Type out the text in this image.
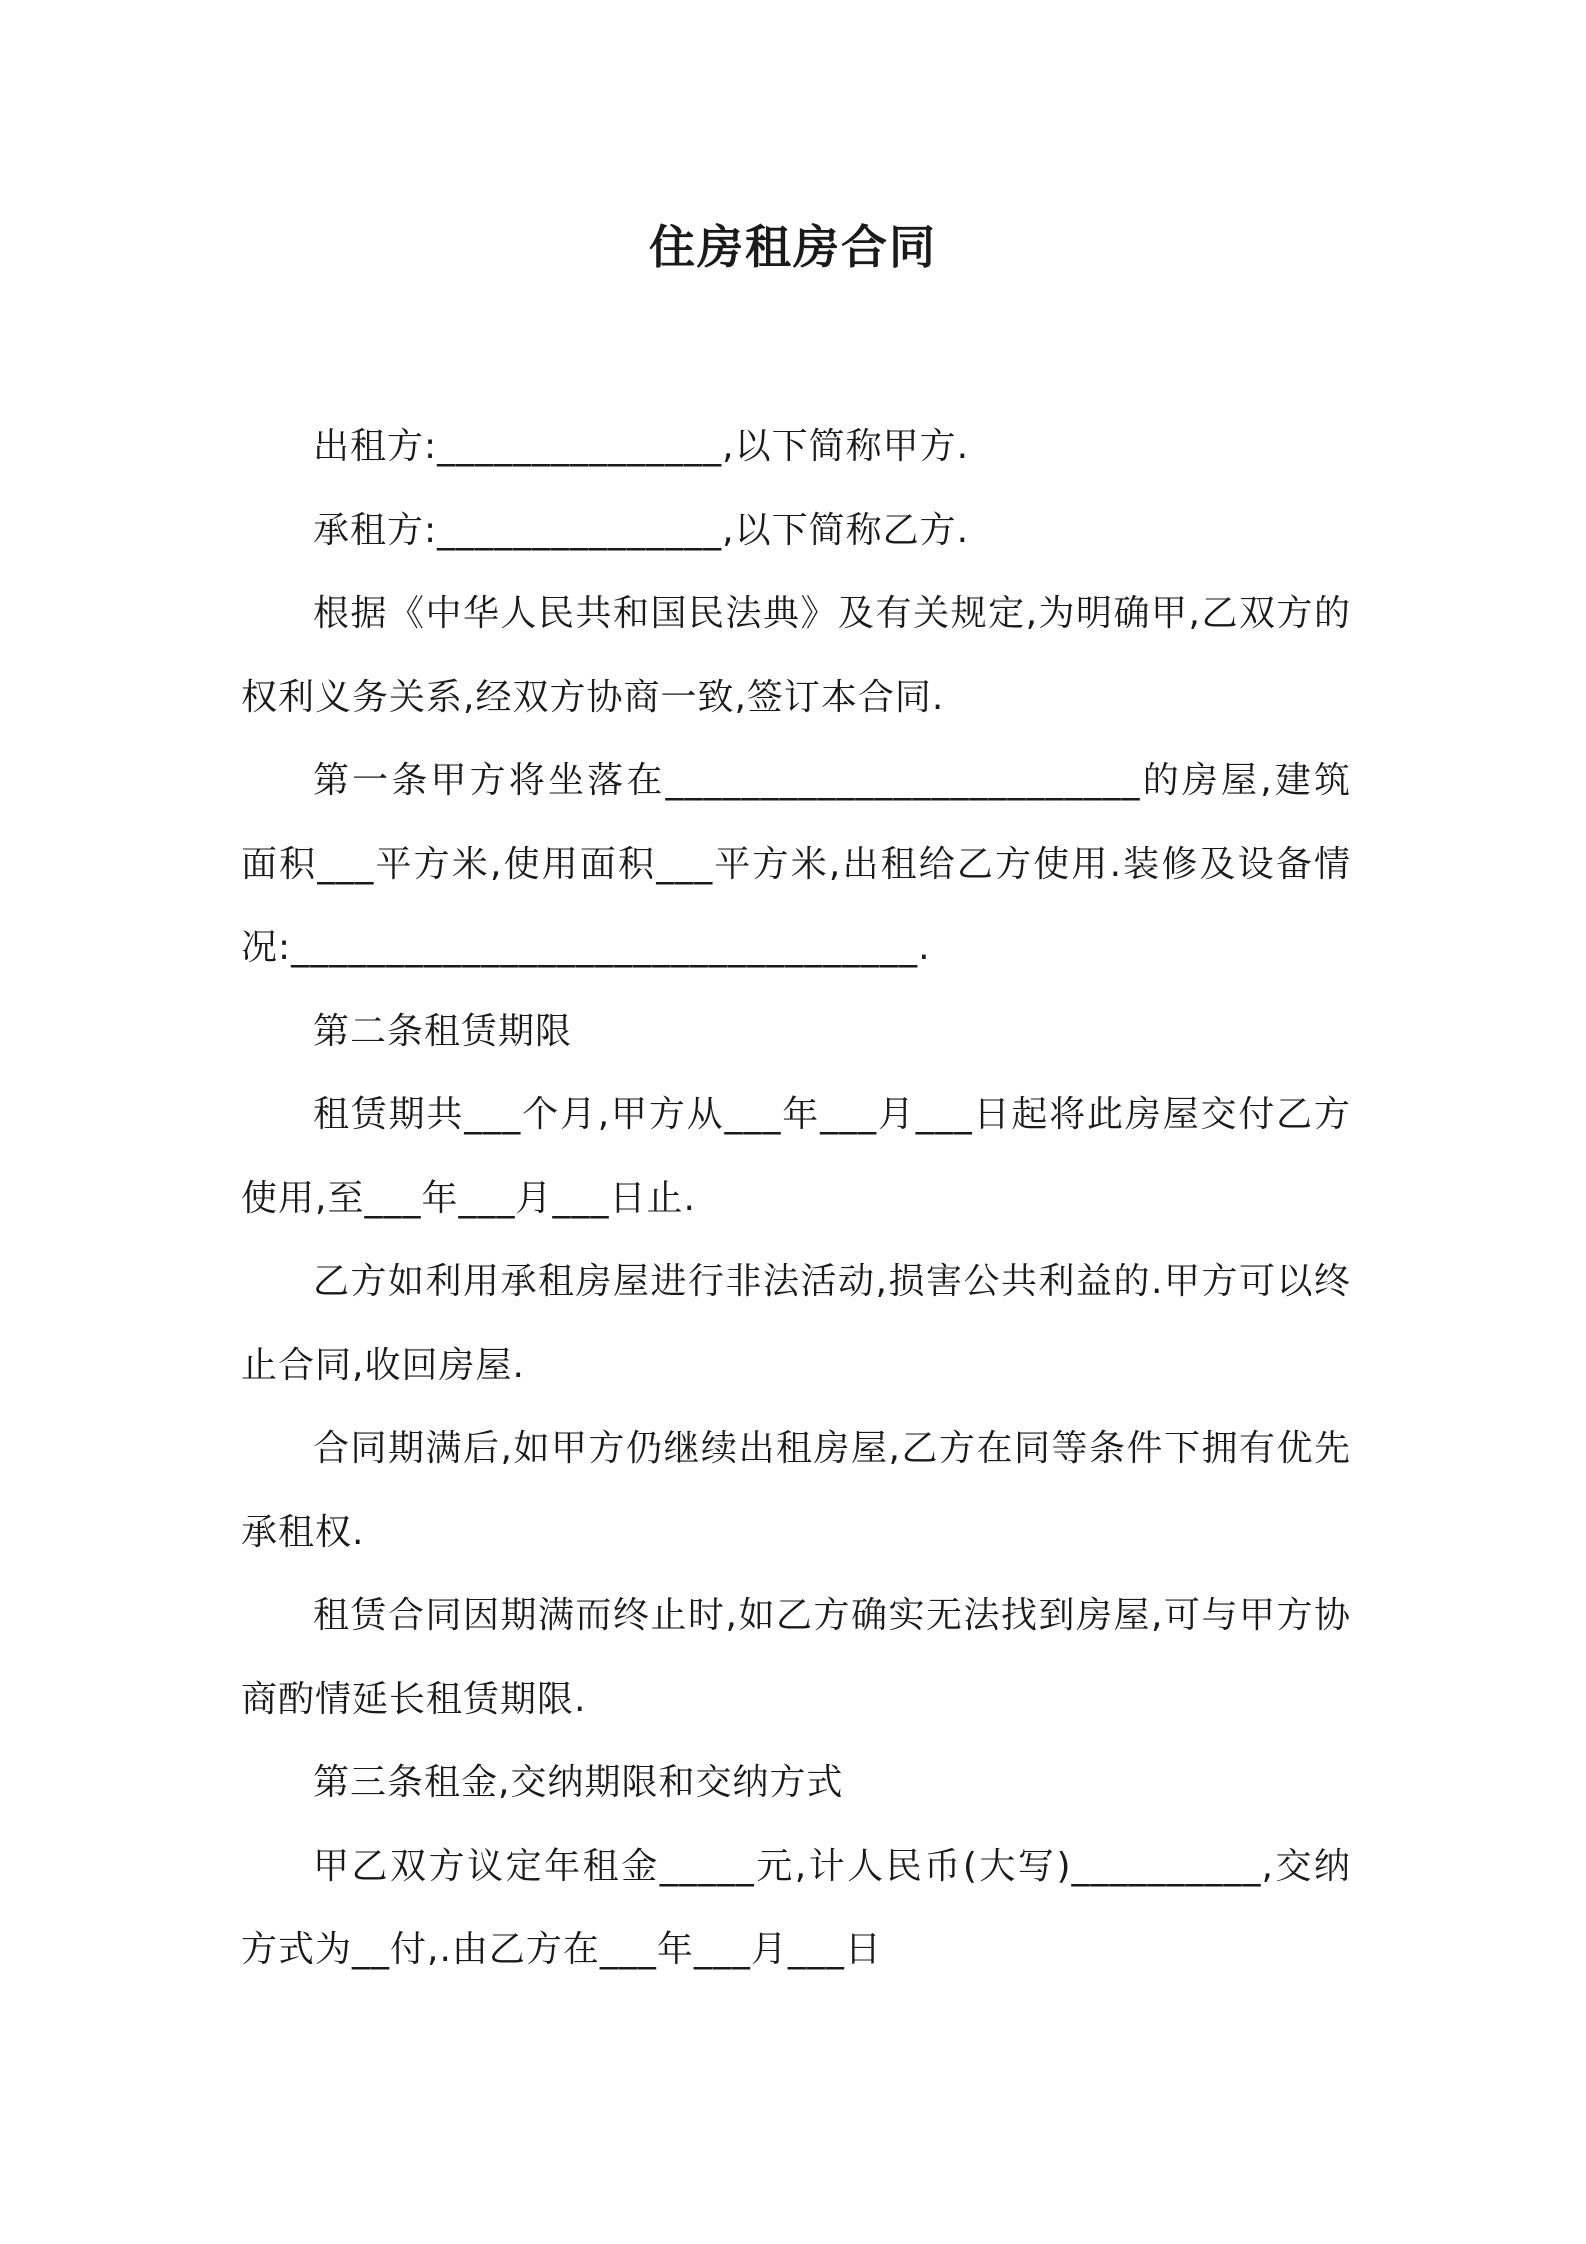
住房租房合同

出租方:_______________,以下简称甲方.

承租方:_______________,以下简称乙方.

根据《中华人民共和国民法典》及有关规定,为明确甲,乙双方的权利义务关系,经双方协商一致,签订本合同.

第一条甲方将坐落在_________________________的房屋,建筑面积___平方米,使用面积___平方米,出租给乙方使用.装修及设备情况:_________________________________.

第二条租赁期限

租赁期共___个月,甲方从___年___月___日起将此房屋交付乙方使用,至___年___月___日止.

乙方如利用承租房屋进行非法活动,损害公共利益的.甲方可以终止合同,收回房屋.

合同期满后,如甲方仍继续出租房屋,乙方在同等条件下拥有优先承租权.

租赁合同因期满而终止时,如乙方确实无法找到房屋,可与甲方协商酌情延长租赁期限.

第三条租金,交纳期限和交纳方式

甲乙双方议定年租金_____元,计人民币(大写)__________,交纳方式为__付,.由乙方在___年___月___日
